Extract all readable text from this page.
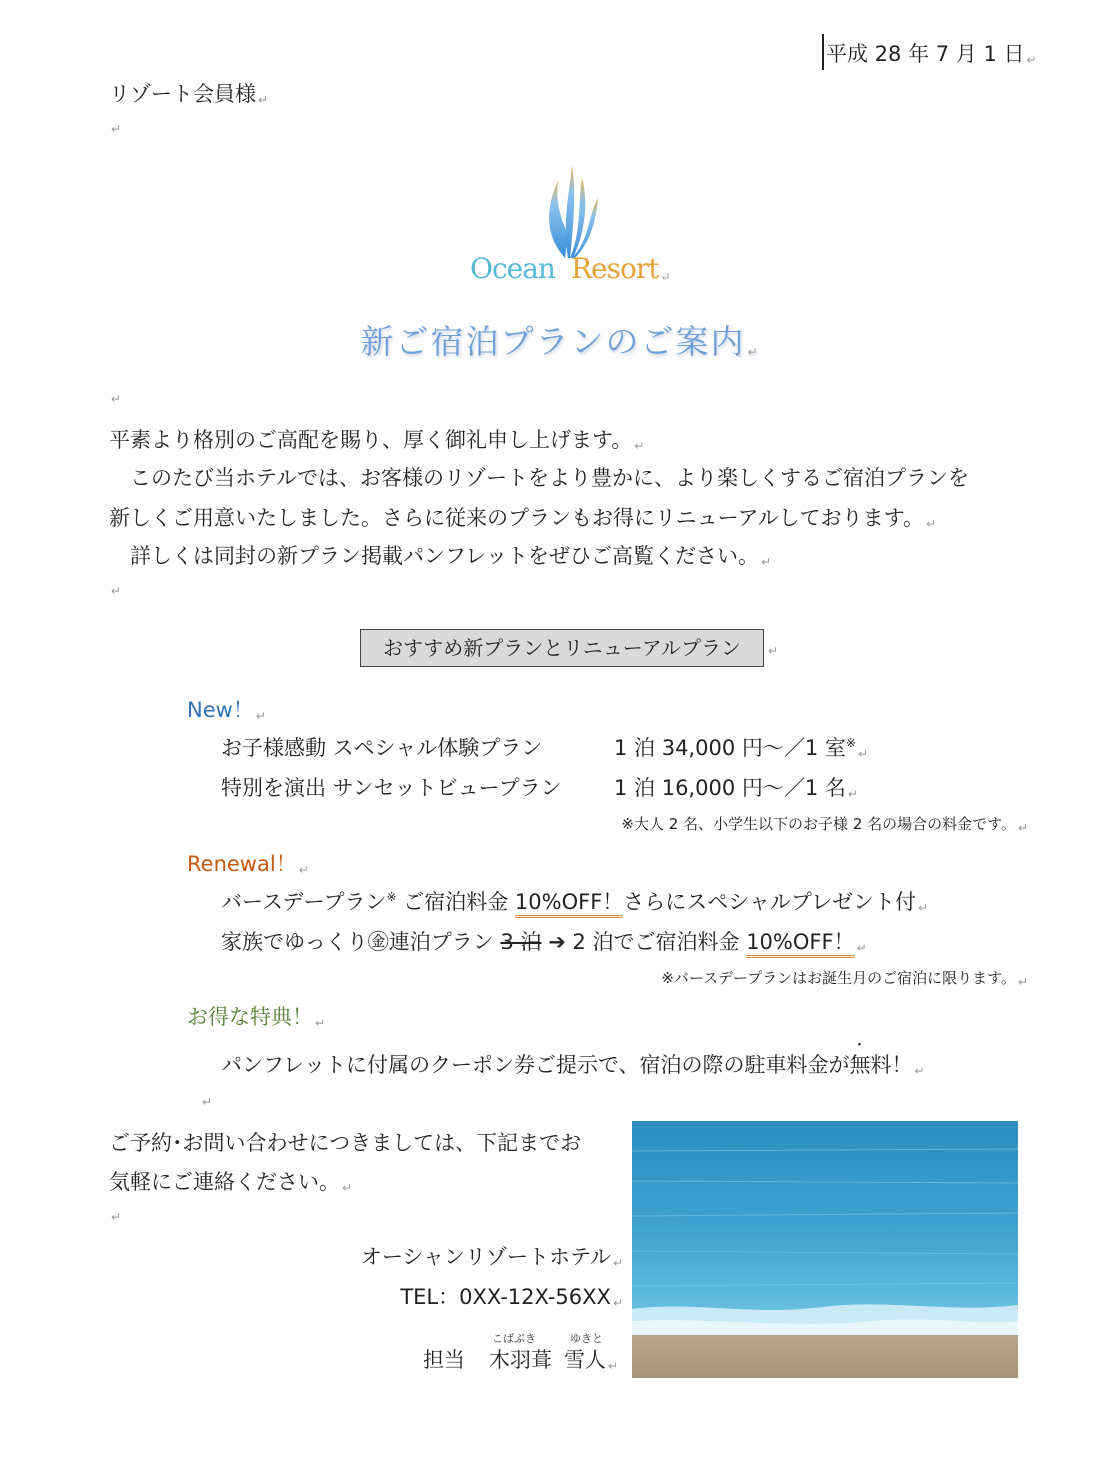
平成 28 年 7 月 1 日 ↵
リゾート会員様 ↵
↵
Ocean Resort ↵
新ご宿泊プランのご案内 ↵
↵
平素より格別のご高配を賜り、厚く御礼申し上げます。 ↵
　このたび当ホテルでは、お客様のリゾートをより豊かに、より楽しくするご宿泊プランを
新しくご用意いたしました。さらに従来のプランもお得にリニューアルしております。 ↵
　詳しくは同封の新プラン掲載パンフレットをぜひご高覧ください。 ↵
↵
おすすめ新プランとリニューアルプラン	↵
New！ ↵
お子様感動 スペシャル体験プラン	1 泊 34,000 円～／1 室※↵
特別を演出 サンセットビュープラン 1 泊 16,000 円～／1 名 ↵
※大人 2 名、小学生以下のお子様 2 名の場合の料金です。 $_↵$
Renewal！ ↵
バースデープラン※ ご宿泊料金 10%OFF！さらにスペシャルプレゼント付 ↵
家族でゆっくり㊎連泊プラン 3 泊 ➔ 2 泊でご宿泊料金 10%OFF！ ↵
※バースデープランはお誕生月のご宿泊に限ります。 $_↵$
お得な特典！ ↵
パンフレットに付属のクーポン券ご提示で、宿泊の際の駐車料金が・ 無料！ ↵
↵
ご予約･お問い合わせにつきましては、下記までお
気軽にご連絡ください。 ↵
↵
オーシャンリゾートホテル ↵
TEL：0XX-12X-56XX ↵
こばぶき	ゆきと
担当 木羽葺 雪人 ↵
